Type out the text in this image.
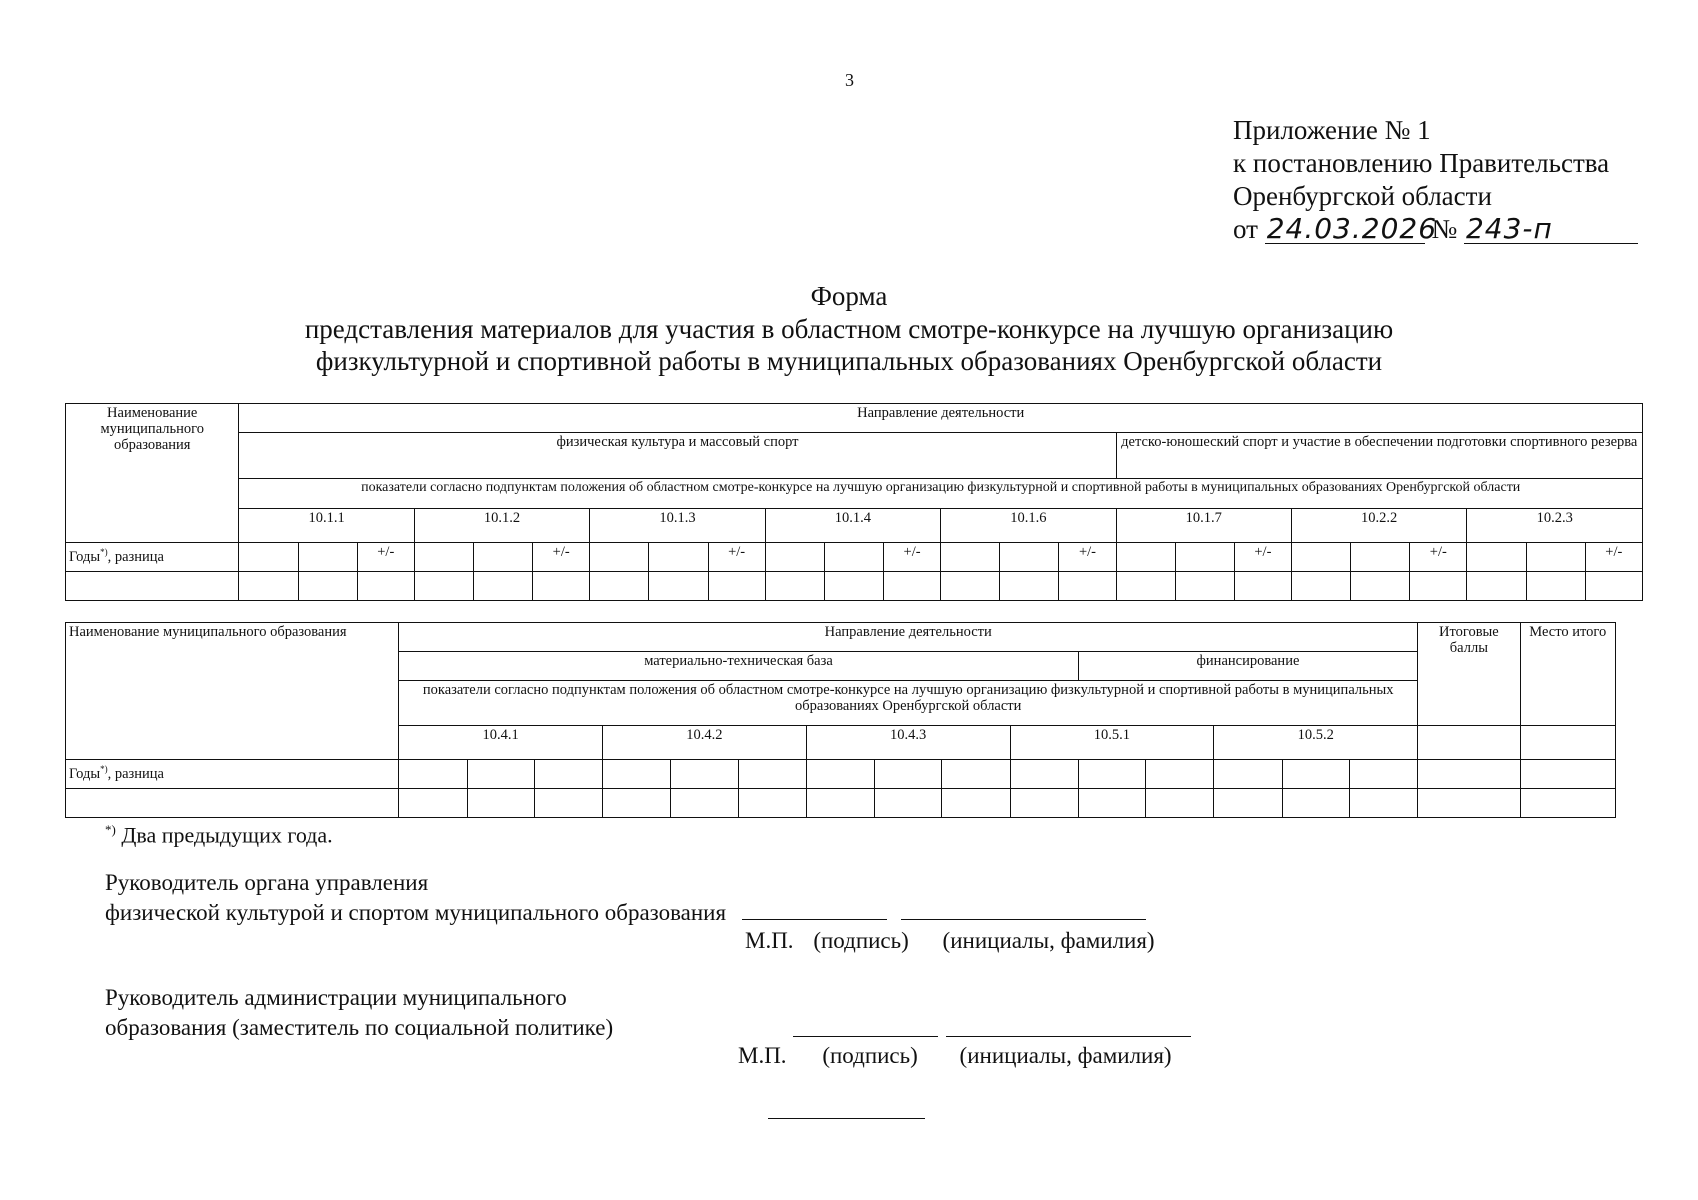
3
Приложение № 1
к постановлению Правительства
Оренбургской области
от 24.03.2026 № 243-п
Форма
представления материалов для участия в областном смотре-конкурсе на лучшую организацию
физкультурной и спортивной работы в муниципальных образованиях Оренбургской области
Наименование муниципального образования	Направление деятельности																							
	физическая культура и массовый спорт															детско-юношеский спорт и участие в обеспечении подготовки спортивного резерва								
	показатели согласно подпунктам положения об областном смотре-конкурсе на лучшую организацию физкультурной и спортивной работы в муниципальных образованиях Оренбургской области																							
	10.1.1			10.1.2			10.1.3			10.1.4			10.1.6			10.1.7			10.2.2			10.2.3		
Годы*), разница			+/-			+/-			+/-			+/-			+/-			+/-			+/-			+/-

Наименование муниципального образования	Направление деятельности															Итоговые баллы	Место итого
	материально-техническая база										финансирование						
	показатели согласно подпунктам положения об областном смотре-конкурсе на лучшую организацию физкультурной и спортивной работы в муниципальных образованиях Оренбургской области																
	10.4.1			10.4.2			10.4.3			10.5.1			10.5.2				
Годы*), разница																	

*) Два предыдущих года.
Руководитель органа управления
физической культурой и спортом муниципального образования
М.П. (подпись) (инициалы, фамилия)
Руководитель администрации муниципального
образования (заместитель по социальной политике)
М.П. (подпись) (инициалы, фамилия)
